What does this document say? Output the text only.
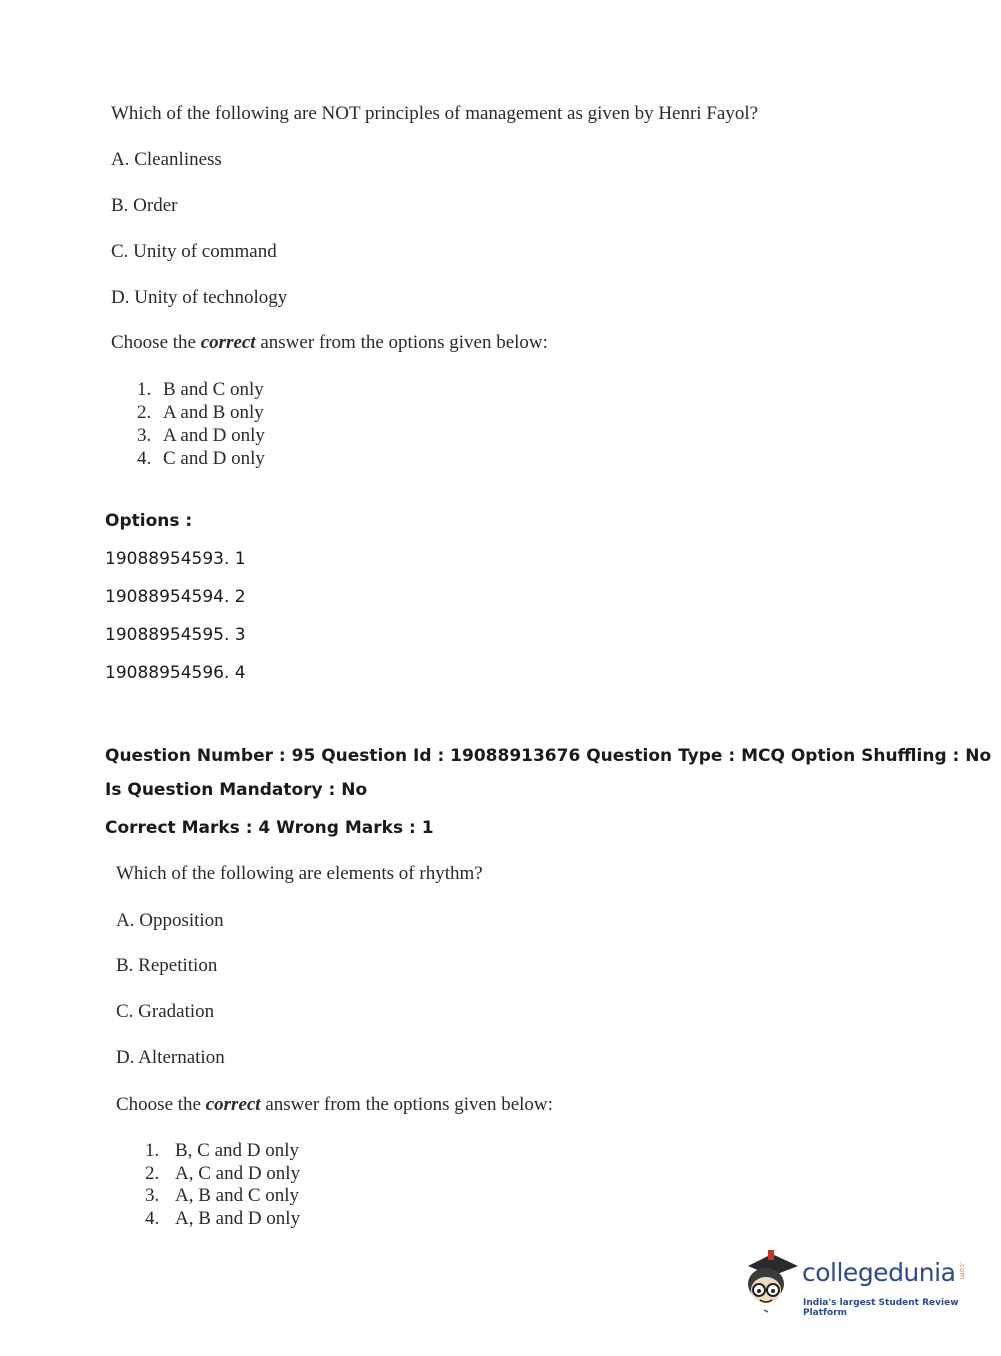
Which of the following are NOT principles of management as given by Henri Fayol?
A. Cleanliness
B. Order
C. Unity of command
D. Unity of technology
Choose the correct answer from the options given below:
1. B and C only
2. A and B only
3. A and D only
4. C and D only
Options :
19088954593. 1
19088954594. 2
19088954595. 3
19088954596. 4
Question Number : 95 Question Id : 19088913676 Question Type : MCQ Option Shuffling : No
Is Question Mandatory : No
Correct Marks : 4 Wrong Marks : 1
Which of the following are elements of rhythm?
A. Opposition
B. Repetition
C. Gradation
D. Alternation
Choose the correct answer from the options given below:
1. B, C and D only
2. A, C and D only
3. A, B and C only
4. A, B and D only
collegedunia .com
India's largest Student Review Platform
